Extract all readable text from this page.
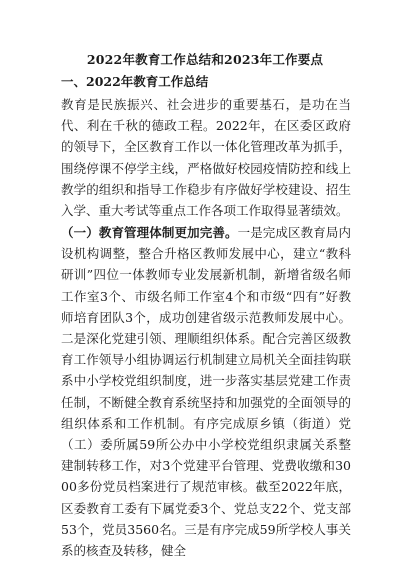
2022年教育工作总结和2023年工作要点
一、2022年教育工作总结
教育是民族振兴、社会进步的重要基石，是功在当代、利在千秋的德政工程。2022年，在区委区政府的领导下，全区教育工作以一体化管理改革为抓手，围绕停课不停学主线，严格做好校园疫情防控和线上教学的组织和指导工作稳步有序做好学校建设、招生入学、重大考试等重点工作各项工作取得显著绩效。
（一）教育管理体制更加完善。一是完成区教育局内设机构调整，整合升格区教师发展中心，建立“教科研训”四位一体教师专业发展新机制，新增省级名师工作室3个、市级名师工作室4个和市级“四有”好教师培育团队3个，成功创建省级示范教师发展中心。二是深化党建引领、理顺组织体系。配合完善区级教育工作领导小组协调运行机制建立局机关全面挂钩联系中小学校党组织制度，进一步落实基层党建工作责任制，不断健全教育系统坚持和加强党的全面领导的组织体系和工作机制。有序完成原乡镇（街道）党（工）委所属59所公办中小学校党组织隶属关系整建制转移工作，对3个党建平台管理、党费收缴和3000多份党员档案进行了规范审核。截至2022年底，区委教育工委有下属党委3个、党总支22个、党支部53个，党员3560名。三是有序完成59所学校人事关系的核查及转移，健全
